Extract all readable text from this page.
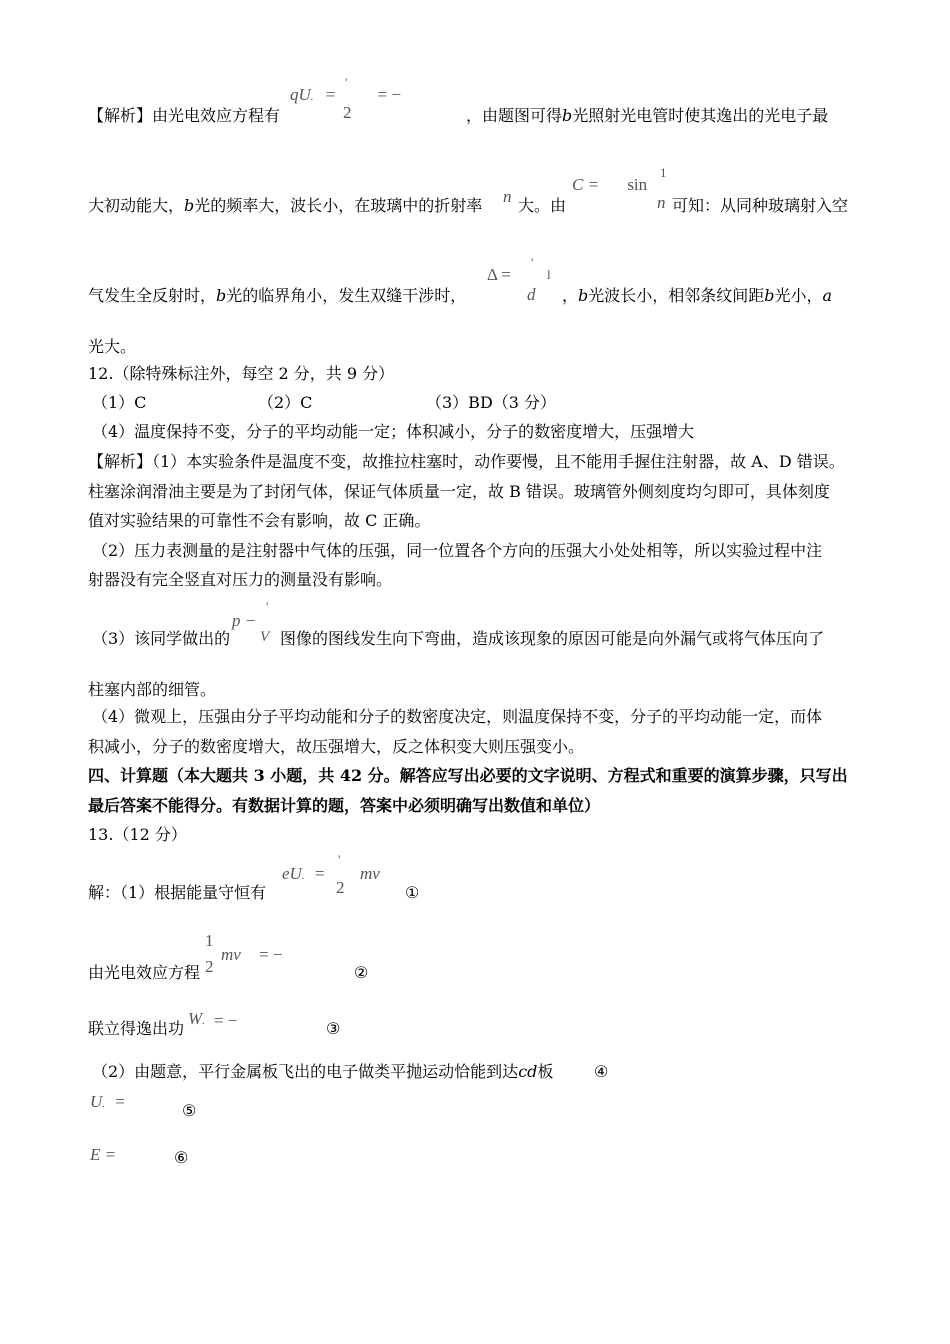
【解析】由光电效应方程有
qU. =
'
2
= −
，由题图可得b光照射光电管时使其逸出的光电子最
大初动能大，b光的频率大，波长小，在玻璃中的折射率 n 大。由
C = sin
1
n 可知：从同种玻璃射入空
气发生全反射时，b光的临界角小，发生双缝干涉时，
Δ =
'
l
d ，b光波长小，相邻条纹间距b光小，a
光大。
12.（除特殊标注外，每空 2 分，共 9 分）
（1）C	（2）C	（3）BD（3 分）
（4）温度保持不变，分子的平均动能一定；体积减小，分子的数密度增大，压强增大
【解析】（1）本实验条件是温度不变，故推拉柱塞时，动作要慢，且不能用手握住注射器，故 A、D 错误。
柱塞涂润滑油主要是为了封闭气体，保证气体质量一定，故 B 错误。玻璃管外侧刻度均匀即可，具体刻度
值对实验结果的可靠性不会有影响，故 C 正确。
（2）压力表测量的是注射器中气体的压强，同一位置各个方向的压强大小处处相等，所以实验过程中注
射器没有完全竖直对压力的测量没有影响。
（3）该同学做出的
p −
'
V 图像的图线发生向下弯曲，造成该现象的原因可能是向外漏气或将气体压向了
柱塞内部的细管。
（4）微观上，压强由分子平均动能和分子的数密度决定，则温度保持不变，分子的平均动能一定，而体
积减小，分子的数密度增大，故压强增大，反之体积变大则压强变小。
四、计算题（本大题共 3 小题，共 42 分。解答应写出必要的文字说明、方程式和重要的演算步骤，只写出
最后答案不能得分。有数据计算的题，答案中必须明确写出数值和单位）
13.（12 分）
解：（1）根据能量守恒有
eU. =
'
2
mv
①
由光电效应方程
1
2
mv = −
②
联立得逸出功
W. = −	③
（2）由题意，平行金属板飞出的电子做类平抛运动恰能到达cd板	④
U. =	⑤
E =	⑥
